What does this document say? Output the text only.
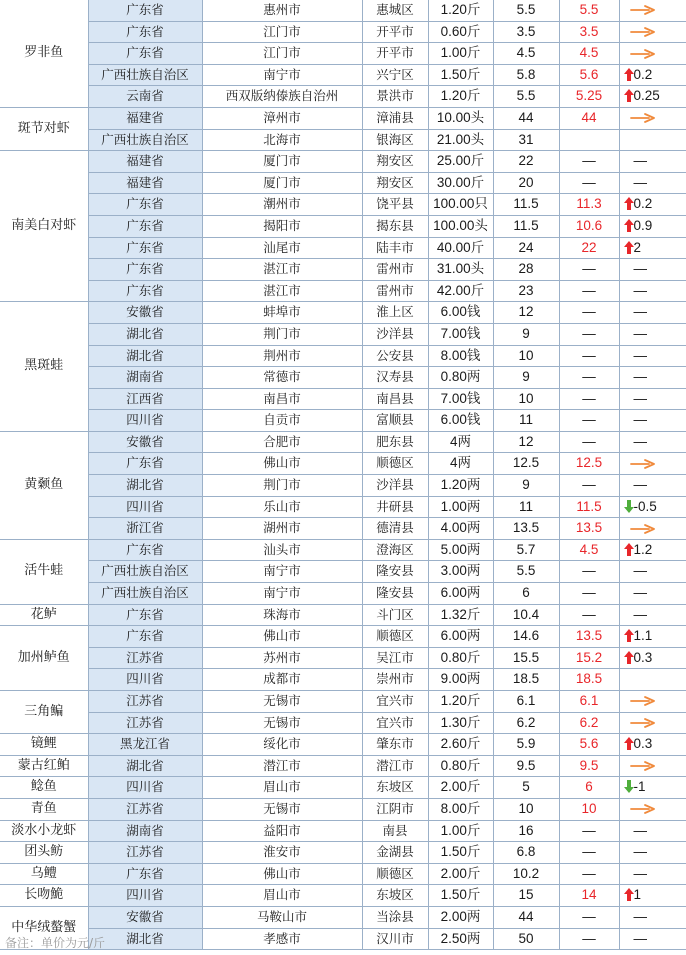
罗非鱼	广东省	惠州市	惠城区	1.20斤	5.5	5.5	
	广东省	江门市	开平市	0.60斤	3.5	3.5	
	广东省	江门市	开平市	1.00斤	4.5	4.5	
	广西壮族自治区	南宁市	兴宁区	1.50斤	5.8	5.6	0.2
	云南省	西双版纳傣族自治州	景洪市	1.20斤	5.5	5.25	0.25
斑节对虾	福建省	漳州市	漳浦县	10.00头	44	44	
	广西壮族自治区	北海市	银海区	21.00头	31		
南美白对虾	福建省	厦门市	翔安区	25.00斤	22	—	—
	福建省	厦门市	翔安区	30.00斤	20	—	—
	广东省	潮州市	饶平县	100.00只	11.5	11.3	0.2
	广东省	揭阳市	揭东县	100.00头	11.5	10.6	0.9
	广东省	汕尾市	陆丰市	40.00斤	24	22	2
	广东省	湛江市	雷州市	31.00头	28	—	—
	广东省	湛江市	雷州市	42.00斤	23	—	—
黑斑蛙	安徽省	蚌埠市	淮上区	6.00钱	12	—	—
	湖北省	荆门市	沙洋县	7.00钱	9	—	—
	湖北省	荆州市	公安县	8.00钱	10	—	—
	湖南省	常德市	汉寿县	0.80两	9	—	—
	江西省	南昌市	南昌县	7.00钱	10	—	—
	四川省	自贡市	富顺县	6.00钱	11	—	—
黄颡鱼	安徽省	合肥市	肥东县	4两	12	—	—
	广东省	佛山市	顺德区	4两	12.5	12.5	
	湖北省	荆门市	沙洋县	1.20两	9	—	—
	四川省	乐山市	井研县	1.00两	11	11.5	-0.5
	浙江省	湖州市	德清县	4.00两	13.5	13.5	
活牛蛙	广东省	汕头市	澄海区	5.00两	5.7	4.5	1.2
	广西壮族自治区	南宁市	隆安县	3.00两	5.5	—	—
	广西壮族自治区	南宁市	隆安县	6.00两	6	—	—
花鲈	广东省	珠海市	斗门区	1.32斤	10.4	—	—
加州鲈鱼	广东省	佛山市	顺德区	6.00两	14.6	13.5	1.1
	江苏省	苏州市	吴江市	0.80斤	15.5	15.2	0.3
	四川省	成都市	崇州市	9.00两	18.5	18.5	
三角鳊	江苏省	无锡市	宜兴市	1.20斤	6.1	6.1	
	江苏省	无锡市	宜兴市	1.30斤	6.2	6.2	
镜鲤	黑龙江省	绥化市	肇东市	2.60斤	5.9	5.6	0.3
蒙古红鲌	湖北省	潜江市	潜江市	0.80斤	9.5	9.5	
鲶鱼	四川省	眉山市	东坡区	2.00斤	5	6	-1
青鱼	江苏省	无锡市	江阴市	8.00斤	10	10	
淡水小龙虾	湖南省	益阳市	南县	1.00斤	16	—	—
团头鲂	江苏省	淮安市	金湖县	1.50斤	6.8	—	—
乌鳢	广东省	佛山市	顺德区	2.00斤	10.2	—	—
长吻鮠	四川省	眉山市	东坡区	1.50斤	15	14	1
中华绒螯蟹	安徽省	马鞍山市	当涂县	2.00两	44	—	—
	湖北省	孝感市	汉川市	2.50两	50	—	—
备注：单价为元/斤
